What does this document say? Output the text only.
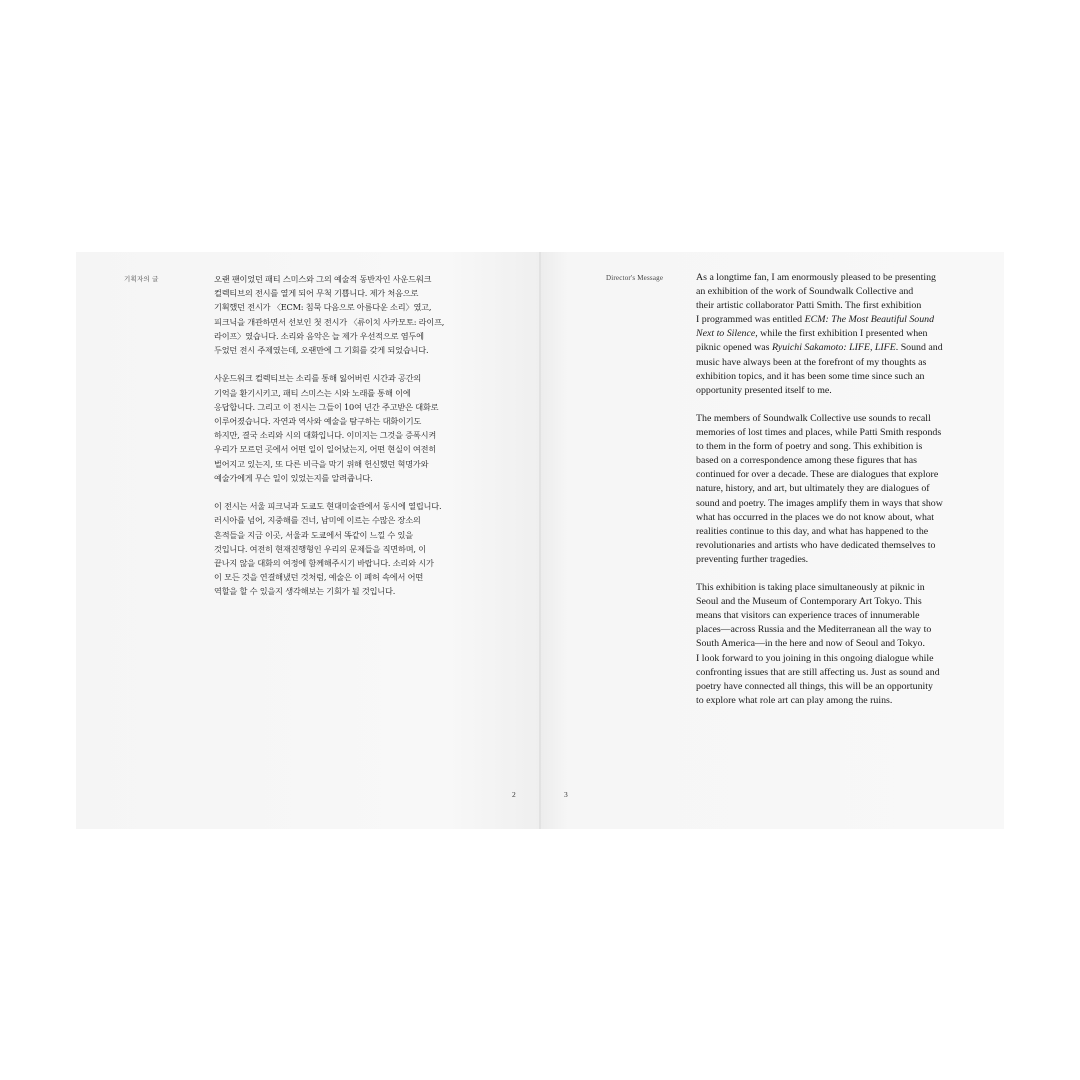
기획자의 글	오랜 팬이었던 패티 스미스와 그의 예술적 동반자인 사운드워크
컬렉티브의 전시를 열게 되어 무척 기쁩니다. 제가 처음으로
기획했던 전시가 〈ECM: 침묵 다음으로 아름다운 소리〉였고,
피크닉을 개관하면서 선보인 첫 전시가 〈류이치 사카모토: 라이프,
라이프〉였습니다. 소리와 음악은 늘 제가 우선적으로 염두에
두었던 전시 주제였는데, 오랜만에 그 기회를 갖게 되었습니다.

사운드워크 컬렉티브는 소리를 통해 잃어버린 시간과 공간의
기억을 환기시키고, 패티 스미스는 시와 노래를 통해 이에
응답합니다. 그리고 이 전시는 그들이 10여 년간 주고받은 대화로
이루어졌습니다. 자연과 역사와 예술을 탐구하는 대화이기도
하지만, 결국 소리와 시의 대화입니다. 이미지는 그것을 증폭시켜
우리가 모르던 곳에서 어떤 일이 일어났는지, 어떤 현실이 여전히
벌어지고 있는지, 또 다른 비극을 막기 위해 헌신했던 혁명가와
예술가에게 무슨 일이 있었는지를 알려줍니다.

이 전시는 서울 피크닉과 도쿄도 현대미술관에서 동시에 열립니다.
러시아를 넘어, 지중해를 건너, 남미에 이르는 수많은 장소의
흔적들을 지금 이곳, 서울과 도쿄에서 똑같이 느낄 수 있을
것입니다. 여전히 현재진행형인 우리의 문제들을 직면하며, 이
끝나지 않을 대화의 여정에 함께해주시기 바랍니다. 소리와 시가
이 모든 것을 연결해냈던 것처럼, 예술은 이 폐허 속에서 어떤
역할을 할 수 있을지 생각해보는 기회가 될 것입니다.

2
Director's Message	As a longtime fan, I am enormously pleased to be presenting
an exhibition of the work of Soundwalk Collective and
their artistic collaborator Patti Smith. The first exhibition
I programmed was entitled ECM: The Most Beautiful Sound
Next to Silence, while the first exhibition I presented when
piknic opened was Ryuichi Sakamoto: LIFE, LIFE. Sound and
music have always been at the forefront of my thoughts as
exhibition topics, and it has been some time since such an
opportunity presented itself to me.

The members of Soundwalk Collective use sounds to recall
memories of lost times and places, while Patti Smith responds
to them in the form of poetry and song. This exhibition is
based on a correspondence among these figures that has
continued for over a decade. These are dialogues that explore
nature, history, and art, but ultimately they are dialogues of
sound and poetry. The images amplify them in ways that show
what has occurred in the places we do not know about, what
realities continue to this day, and what has happened to the
revolutionaries and artists who have dedicated themselves to
preventing further tragedies.

This exhibition is taking place simultaneously at piknic in
Seoul and the Museum of Contemporary Art Tokyo. This
means that visitors can experience traces of innumerable
places—across Russia and the Mediterranean all the way to
South America—in the here and now of Seoul and Tokyo.
I look forward to you joining in this ongoing dialogue while
confronting issues that are still affecting us. Just as sound and
poetry have connected all things, this will be an opportunity
to explore what role art can play among the ruins.

3
